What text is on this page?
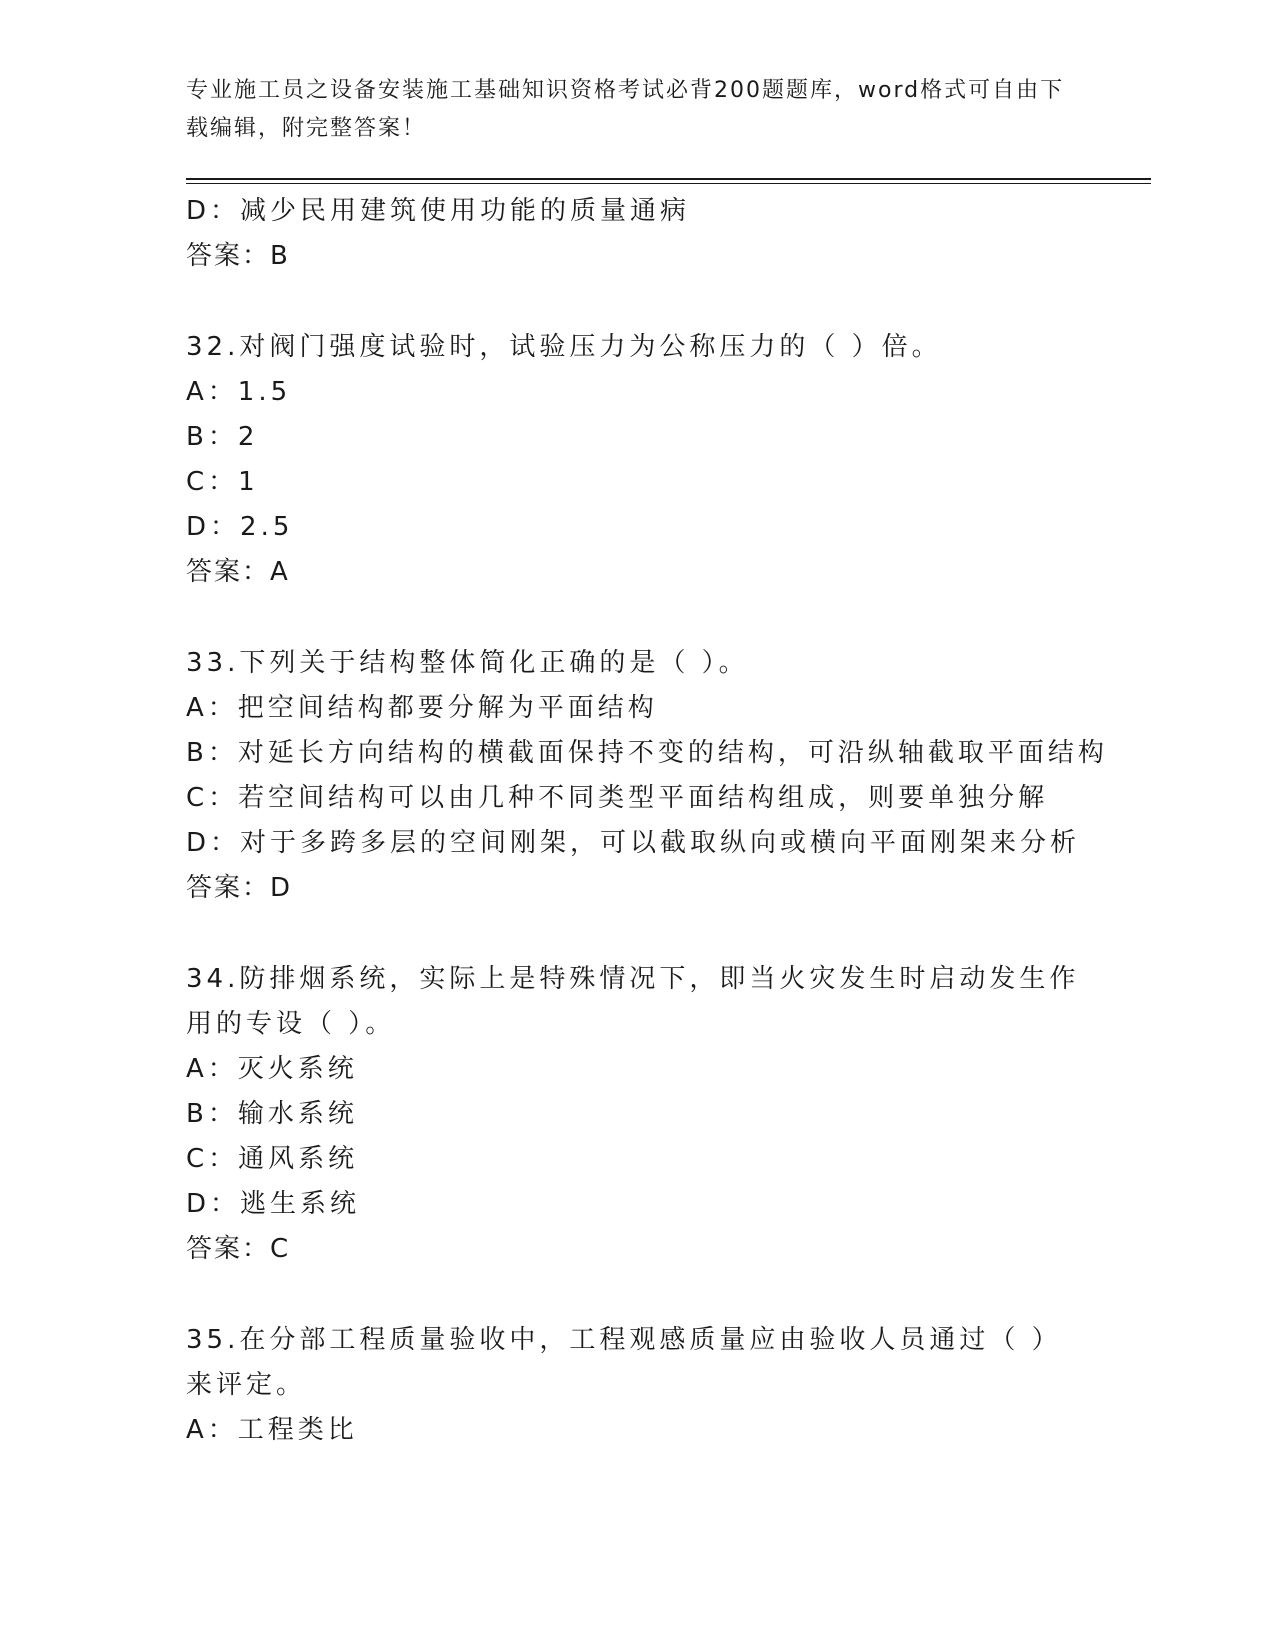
专业施工员之设备安装施工基础知识资格考试必背200题题库，word格式可自由下载编辑，附完整答案！
D：减少民用建筑使用功能的质量通病
答案：B
32.对阀门强度试验时，试验压力为公称压力的（ ）倍。
A：1.5
B：2
C：1
D：2.5
答案：A
33.下列关于结构整体简化正确的是（ ）。
A：把空间结构都要分解为平面结构
B：对延长方向结构的横截面保持不变的结构，可沿纵轴截取平面结构
C：若空间结构可以由几种不同类型平面结构组成，则要单独分解
D：对于多跨多层的空间刚架，可以截取纵向或横向平面刚架来分析
答案：D
34.防排烟系统，实际上是特殊情况下，即当火灾发生时启动发生作用的专设（ ）。
A：灭火系统
B：输水系统
C：通风系统
D：逃生系统
答案：C
35.在分部工程质量验收中，工程观感质量应由验收人员通过（ ）来评定。
A：工程类比
